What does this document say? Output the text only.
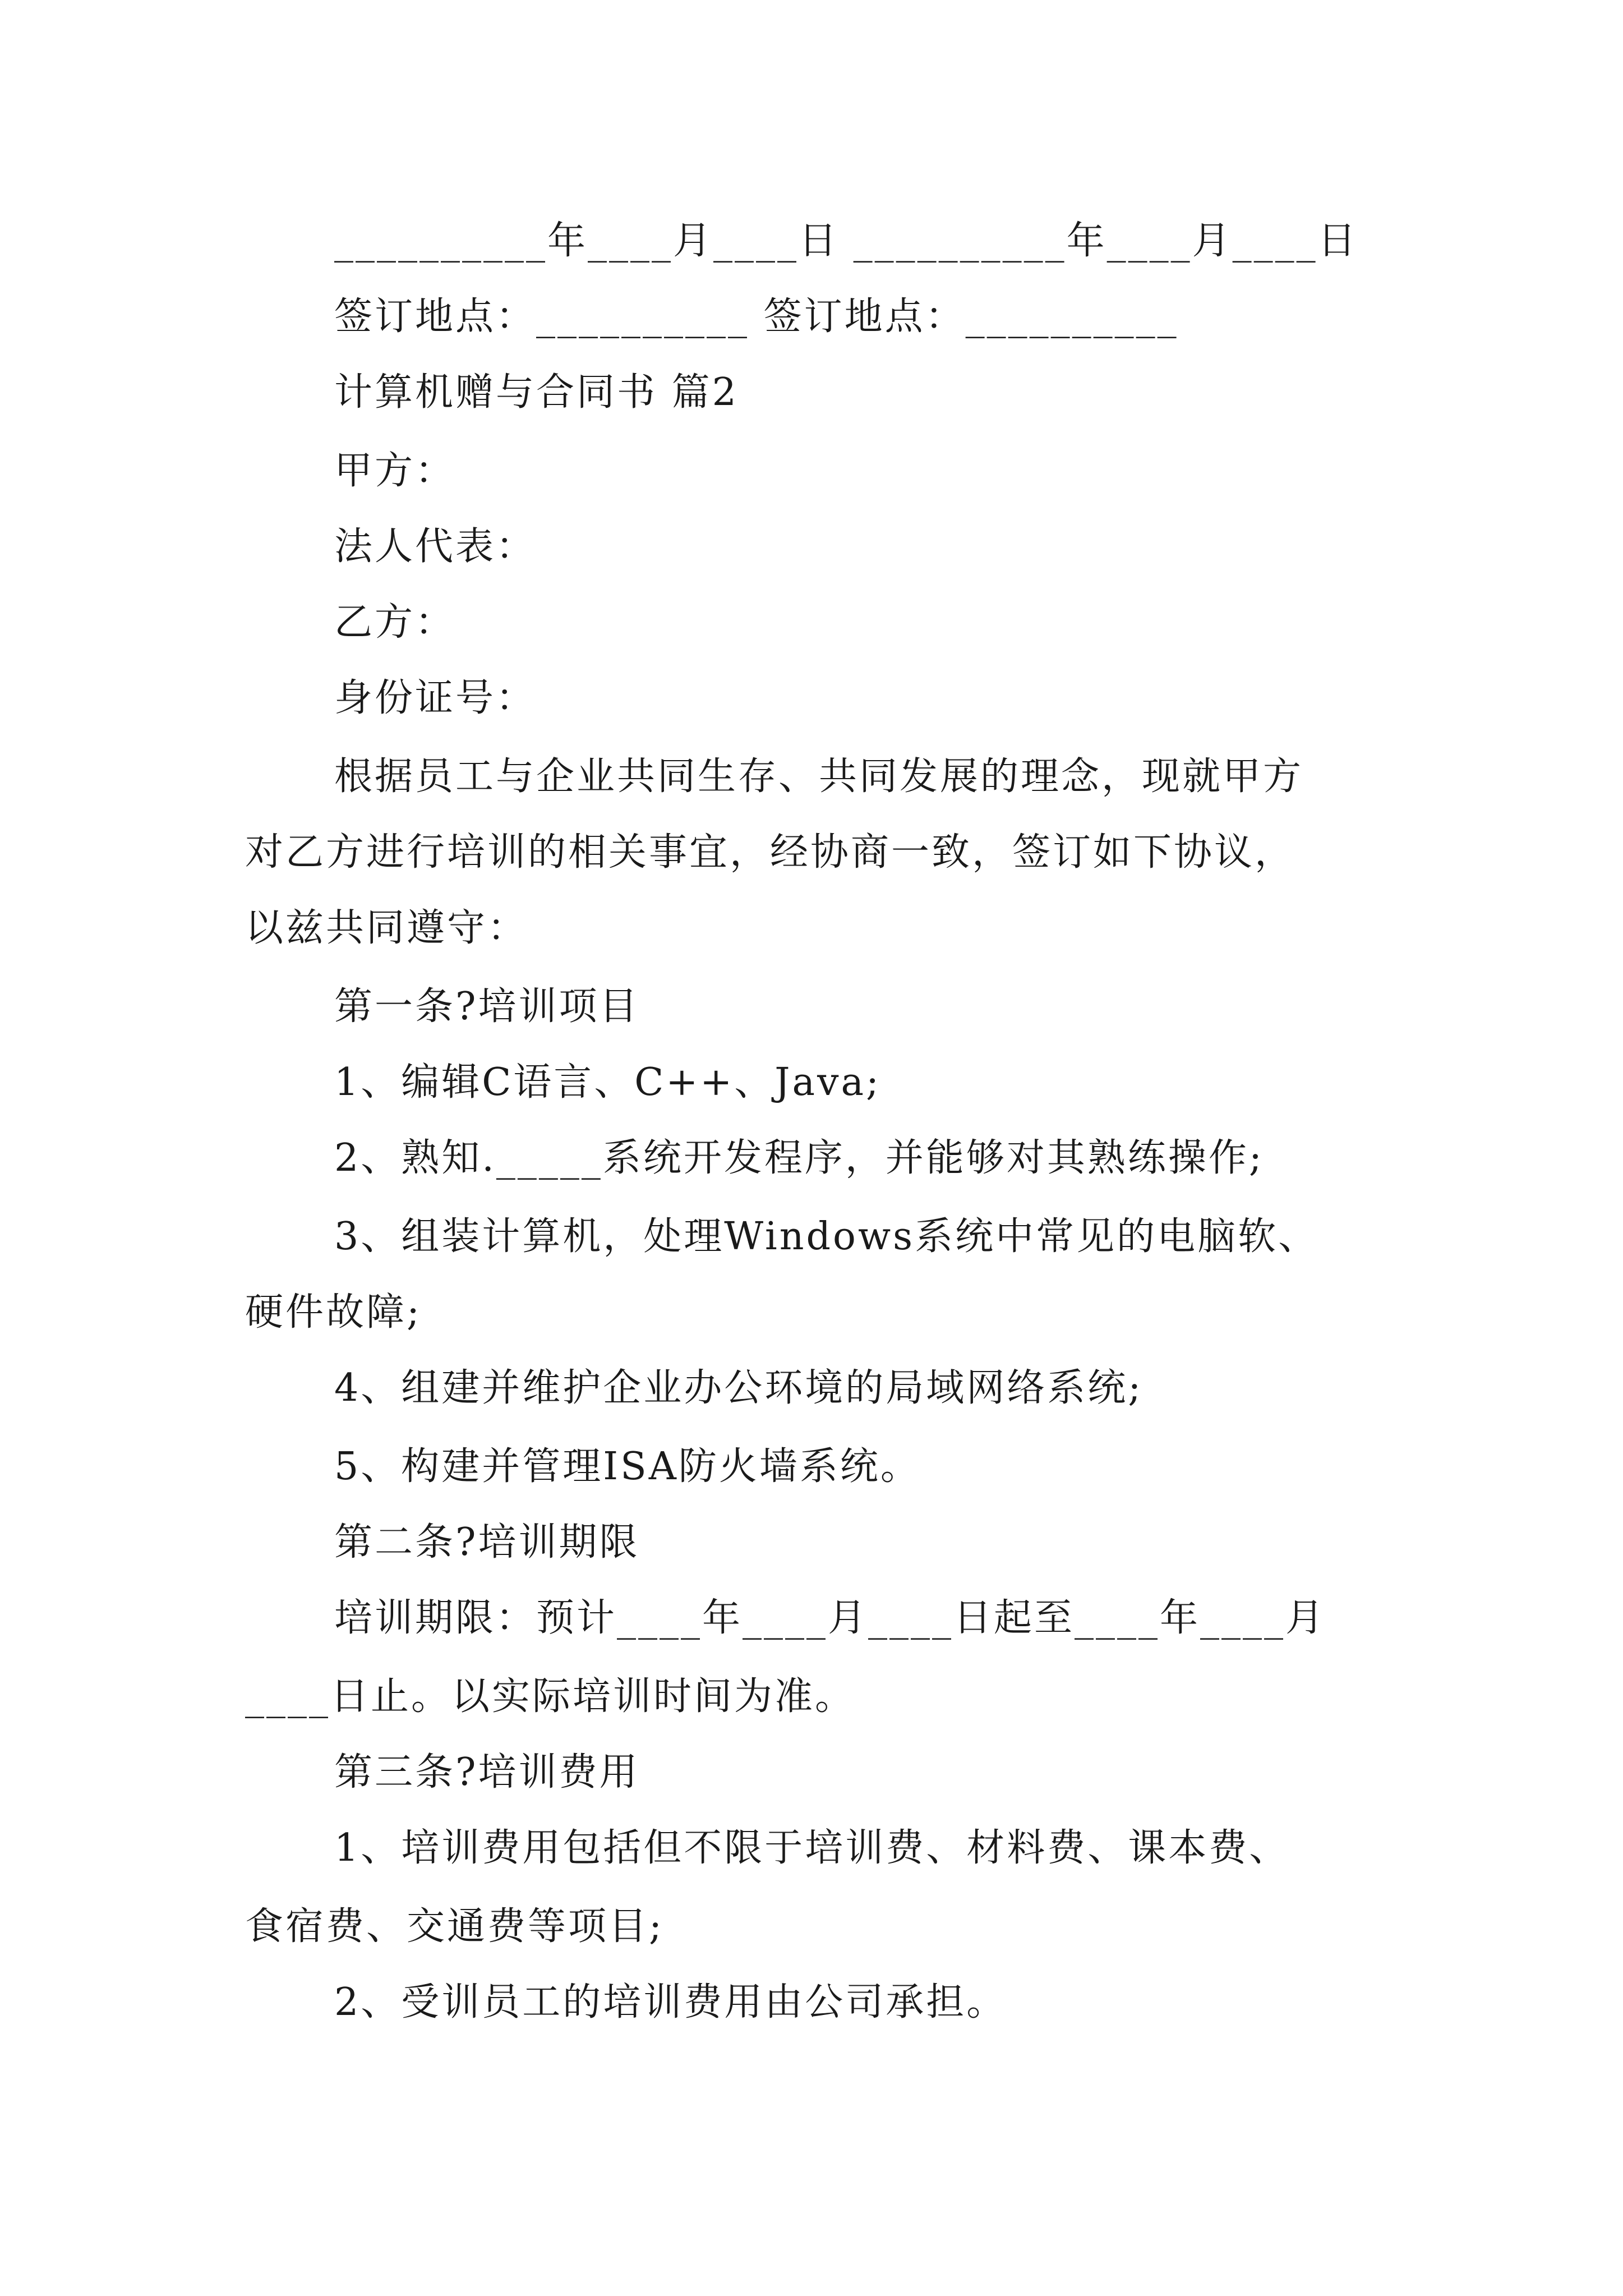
__________年____月____日 __________年____月____日
签订地点：__________ 签订地点：__________
计算机赠与合同书 篇2
甲方：
法人代表：
乙方：
身份证号：
根据员工与企业共同生存、共同发展的理念，现就甲方
对乙方进行培训的相关事宜，经协商一致，签订如下协议，
以兹共同遵守：
第一条?培训项目
1、编辑C语言、C++、Java;
2、熟知._____系统开发程序，并能够对其熟练操作;
3、组装计算机，处理Windows系统中常见的电脑软、
硬件故障;
4、组建并维护企业办公环境的局域网络系统;
5、构建并管理ISA防火墙系统。
第二条?培训期限
培训期限：预计____年____月____日起至____年____月
____日止。以实际培训时间为准。
第三条?培训费用
1、培训费用包括但不限于培训费、材料费、课本费、
食宿费、交通费等项目;
2、受训员工的培训费用由公司承担。
